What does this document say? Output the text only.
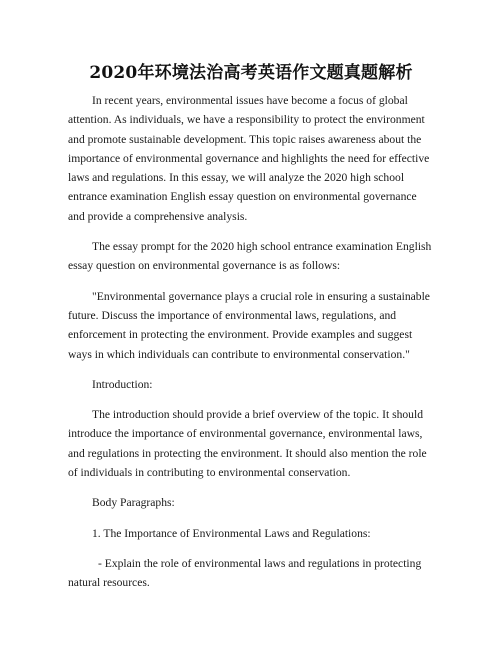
2020年环境法治高考英语作文题真题解析

In recent years, environmental issues have become a focus of global attention. As individuals, we have a responsibility to protect the environment and promote sustainable development. This topic raises awareness about the importance of environmental governance and highlights the need for effective laws and regulations. In this essay, we will analyze the 2020 high school entrance examination English essay question on environmental governance and provide a comprehensive analysis.

The essay prompt for the 2020 high school entrance examination English essay question on environmental governance is as follows:

"Environmental governance plays a crucial role in ensuring a sustainable future. Discuss the importance of environmental laws, regulations, and enforcement in protecting the environment. Provide examples and suggest ways in which individuals can contribute to environmental conservation."

Introduction:

The introduction should provide a brief overview of the topic. It should introduce the importance of environmental governance, environmental laws, and regulations in protecting the environment. It should also mention the role of individuals in contributing to environmental conservation.

Body Paragraphs:

1. The Importance of Environmental Laws and Regulations:

- Explain the role of environmental laws and regulations in protecting natural resources.
